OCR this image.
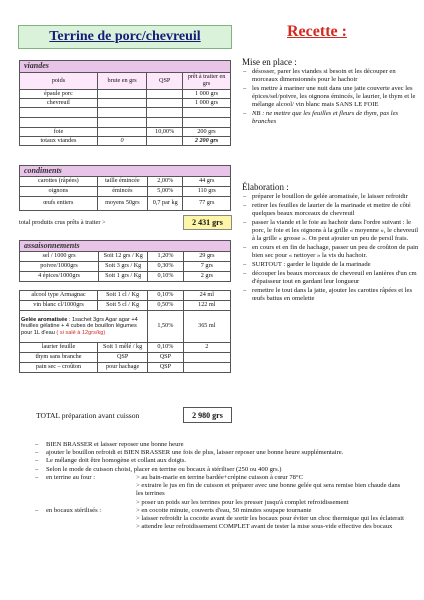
Terrine de porc/chevreuil	Recette :
viandes			
poids	brute en grs	QSP	prêt à traiter en grs
épaule porc			1 000 grs
chevreuil			1 000 grs

foie		10,00%	200 grs
totaux viandes	0		2 200 grs
condiments			
carottes (râpées)	taille émincée	2,00%	44 grs
oignons	émincés	5,00%	110 grs
œufs entiers	moyens 50grs	0,7 par kg	77 grs
total produits crus prêts à traiter >	2 431 grs
assaisonnements			
sel / 1000 grs	Soit 12 grs / Kg	1,20%	29 grs
poivre/1000grs	Soit 3 grs / Kg	0,30%	7 grs
4 épices/1000grs	Soit 1 grs / Kg	0,10%	2 grs
alcool type Armagnac	Soit 1 cl / Kg	0,10%	24 ml
vin blanc cl/1000grs	Soit 5 cl / Kg	0,50%	122 ml
Gelée aromatisée : 1sachet 3grs Agar agar +4 feuilles gélatine + 4 cubes de bouillon légumes pour 1L d'eau ( si salé à 12grs/kg)		1,50%	365 ml
laurier feuille	Soit 1 mêlé / kg	0,10%	2
thym sans branche	QSP	QSP	
pain sec – croûton	pour hachage	QSP	
TOTAL préparation avant cuisson	2 980 grs
Mise en place :
– désosser, parer les viandes si besoin et les découper en morceaux dimensionnés pour le hachoir
– les mettre à mariner une nuit dans une jatte couverte avec les épices/sel/poivre, les oignons émincés, le laurier, le thym et le mélange alcool/ vin blanc mais SANS LE FOIE
– NB : ne mettre que les feuilles et fleurs de thym, pas les branches
Élaboration :
– préparer le bouillon de gelée aromatisée, le laisser refroidir
– retirer les feuilles de laurier de la marinade et mettre de côté quelques beaux morceaux de chevreuil
– passer la viande et le foie au hachoir dans l'ordre suivant : le porc, le foie et les oignons à la grille « moyenne », le chevreuil à la grille « grosse ». On peut ajouter un peu de persil frais.
– en cours et en fin de hachage, passer un peu de croûton de pain bien sec pour « nettoyer » la vis du hachoir.
– SURTOUT : garder le liquide de la marinade
– découper les beaux morceaux de chevreuil en lanières d'un cm d'épaisseur tout en gardant leur longueur
– remettre le tout dans la jatte, ajouter les carottes râpées et les œufs battus en omelette
– BIEN BRASSER et laisser reposer une bonne heure
– ajouter le bouillon refroidi et BIEN BRASSER une fois de plus, laisser reposer une bonne heure supplémentaire.
– Le mélange doit être homogène et collant aux doigts.
– Selon le mode de cuisson choisi, placer en terrine ou bocaux à stériliser (250 ou 400 grs.)
– en terrine au four :	> au bain-marie en terrine bardée+crépine cuisson à cœur 78°C
> extraire le jus en fin de cuisson et préparer avec une bonne gelée qui sera remise bien chaude dans les terrines
> poser un poids sur les terrines pour les presser jusqu'à complet refroidissement
– en bocaux stérilisés :	> en cocotte minute, couverts d'eau, 50 minutes soupape tournante
> laisser refroidir la cocotte avant de sortir les bocaux pour éviter un choc thermique qui les éclaterait
> attendre leur refroidissement COMPLET avant de tester la mise sous-vide effective des bocaux
